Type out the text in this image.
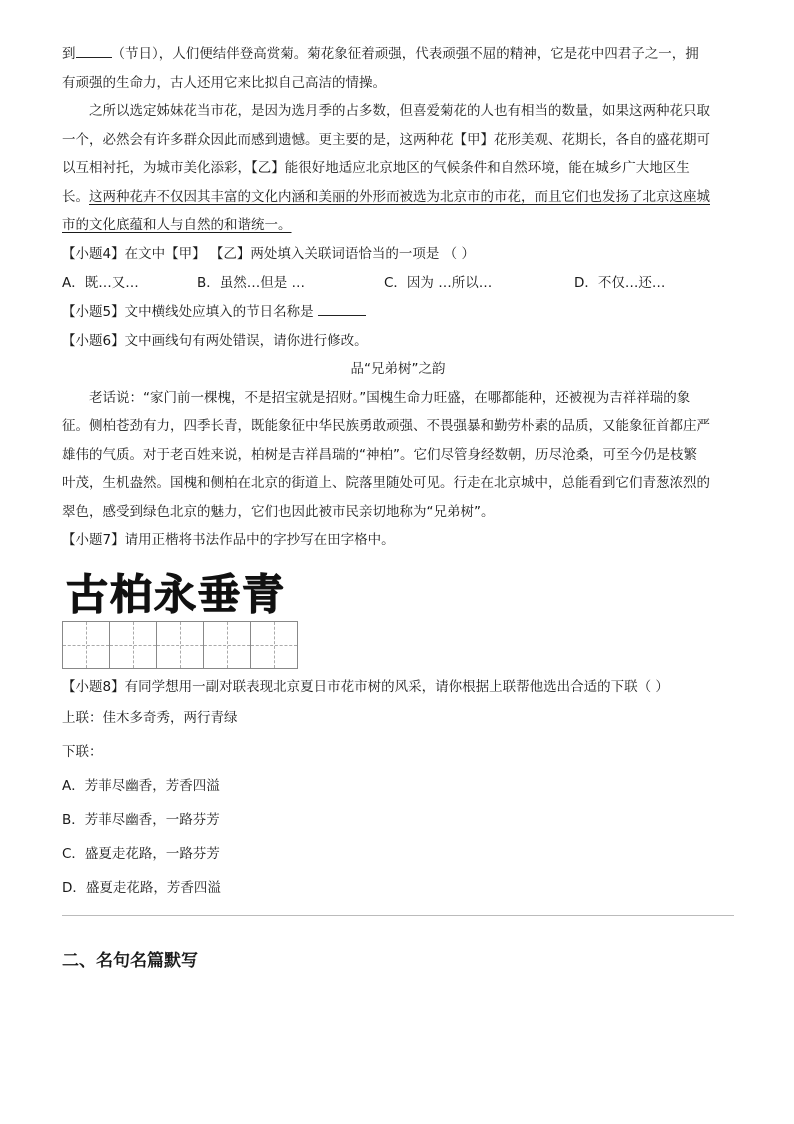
到	（节日），人们便结伴登高赏菊。菊花象征着顽强，代表顽强不屈的精神，它是花中四君子之一，拥
有顽强的生命力，古人还用它来比拟自己高洁的情操。
之所以选定姊妹花当市花，是因为选月季的占多数，但喜爱菊花的人也有相当的数量，如果这两种花只取
一个，必然会有许多群众因此而感到遗憾。更主要的是，这两种花【甲】花形美观、花期长，各自的盛花期可
以互相衬托，为城市美化添彩，【乙】能很好地适应北京地区的气候条件和自然环境，能在城乡广大地区生
长。这两种花卉不仅因其丰富的文化内涵和美丽的外形而被选为北京市的市花，而且它们也发扬了北京这座城
市的文化底蕴和人与自然的和谐统一。
【小题4】在文中【甲】 【乙】两处填入关联词语恰当的一项是 （ ）
A．既…又…	B．虽然…但是 …	C．因为 …所以…	D．不仅…还…
【小题5】文中横线处应填入的节日名称是
【小题6】文中画线句有两处错误，请你进行修改。
品“兄弟树”之韵
老话说：“家门前一棵槐，不是招宝就是招财。”国槐生命力旺盛，在哪都能种，还被视为吉祥祥瑞的象
征。侧柏苍劲有力，四季长青，既能象征中华民族勇敢顽强、不畏强暴和勤劳朴素的品质，又能象征首都庄严
雄伟的气质。对于老百姓来说，柏树是吉祥昌瑞的“神柏”。它们尽管身经数朝，历尽沧桑，可至今仍是枝繁
叶茂，生机盎然。国槐和侧柏在北京的街道上、院落里随处可见。行走在北京城中，总能看到它们青葱浓烈的
翠色，感受到绿色北京的魅力，它们也因此被市民亲切地称为“兄弟树”。
【小题7】请用正楷将书法作品中的字抄写在田字格中。
古柏永垂青
【小题8】有同学想用一副对联表现北京夏日市花市树的风采，请你根据上联帮他选出合适的下联（ ）
上联：佳木多奇秀，两行青绿
下联：
A．芳菲尽幽香，芳香四溢
B．芳菲尽幽香，一路芬芳
C．盛夏走花路，一路芬芳
D．盛夏走花路，芳香四溢
二、名句名篇默写
